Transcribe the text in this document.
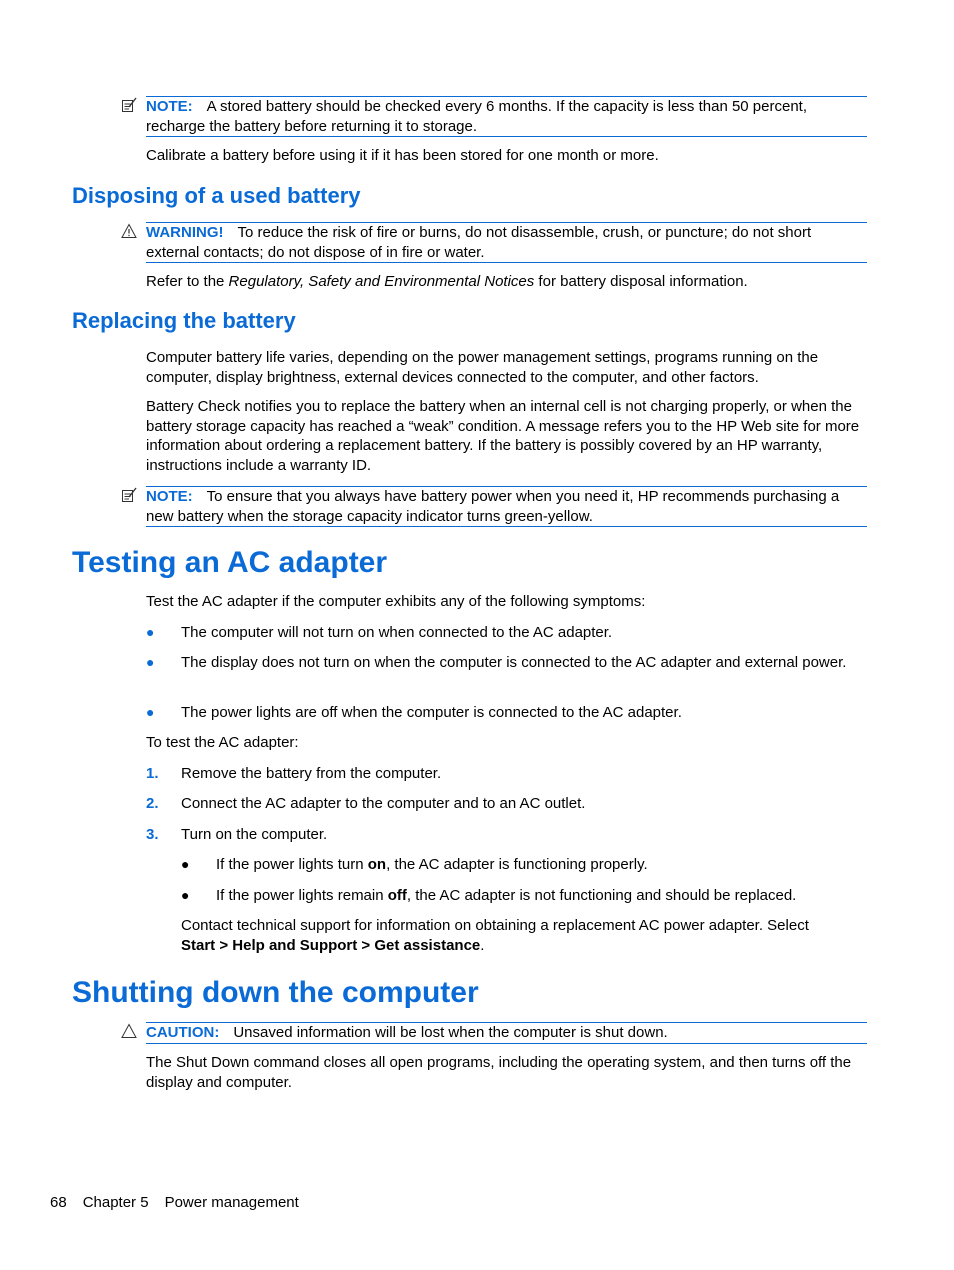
NOTE: A stored battery should be checked every 6 months. If the capacity is less than 50 percent, recharge the battery before returning it to storage.
Calibrate a battery before using it if it has been stored for one month or more.
Disposing of a used battery
WARNING! To reduce the risk of fire or burns, do not disassemble, crush, or puncture; do not short external contacts; do not dispose of in fire or water.
Refer to the Regulatory, Safety and Environmental Notices for battery disposal information.
Replacing the battery
Computer battery life varies, depending on the power management settings, programs running on the computer, display brightness, external devices connected to the computer, and other factors.
Battery Check notifies you to replace the battery when an internal cell is not charging properly, or when the battery storage capacity has reached a “weak” condition. A message refers you to the HP Web site for more information about ordering a replacement battery. If the battery is possibly covered by an HP warranty, instructions include a warranty ID.
NOTE: To ensure that you always have battery power when you need it, HP recommends purchasing a new battery when the storage capacity indicator turns green-yellow.
Testing an AC adapter
Test the AC adapter if the computer exhibits any of the following symptoms:
● The computer will not turn on when connected to the AC adapter.
● The display does not turn on when the computer is connected to the AC adapter and external power.
● The power lights are off when the computer is connected to the AC adapter.
To test the AC adapter:
1. Remove the battery from the computer.
2. Connect the AC adapter to the computer and to an AC outlet.
3. Turn on the computer.
● If the power lights turn on, the AC adapter is functioning properly.
● If the power lights remain off, the AC adapter is not functioning and should be replaced.
Contact technical support for information on obtaining a replacement AC power adapter. Select
Start > Help and Support > Get assistance.
Shutting down the computer
CAUTION: Unsaved information will be lost when the computer is shut down.
The Shut Down command closes all open programs, including the operating system, and then turns off the display and computer.
68 Chapter 5 Power management
